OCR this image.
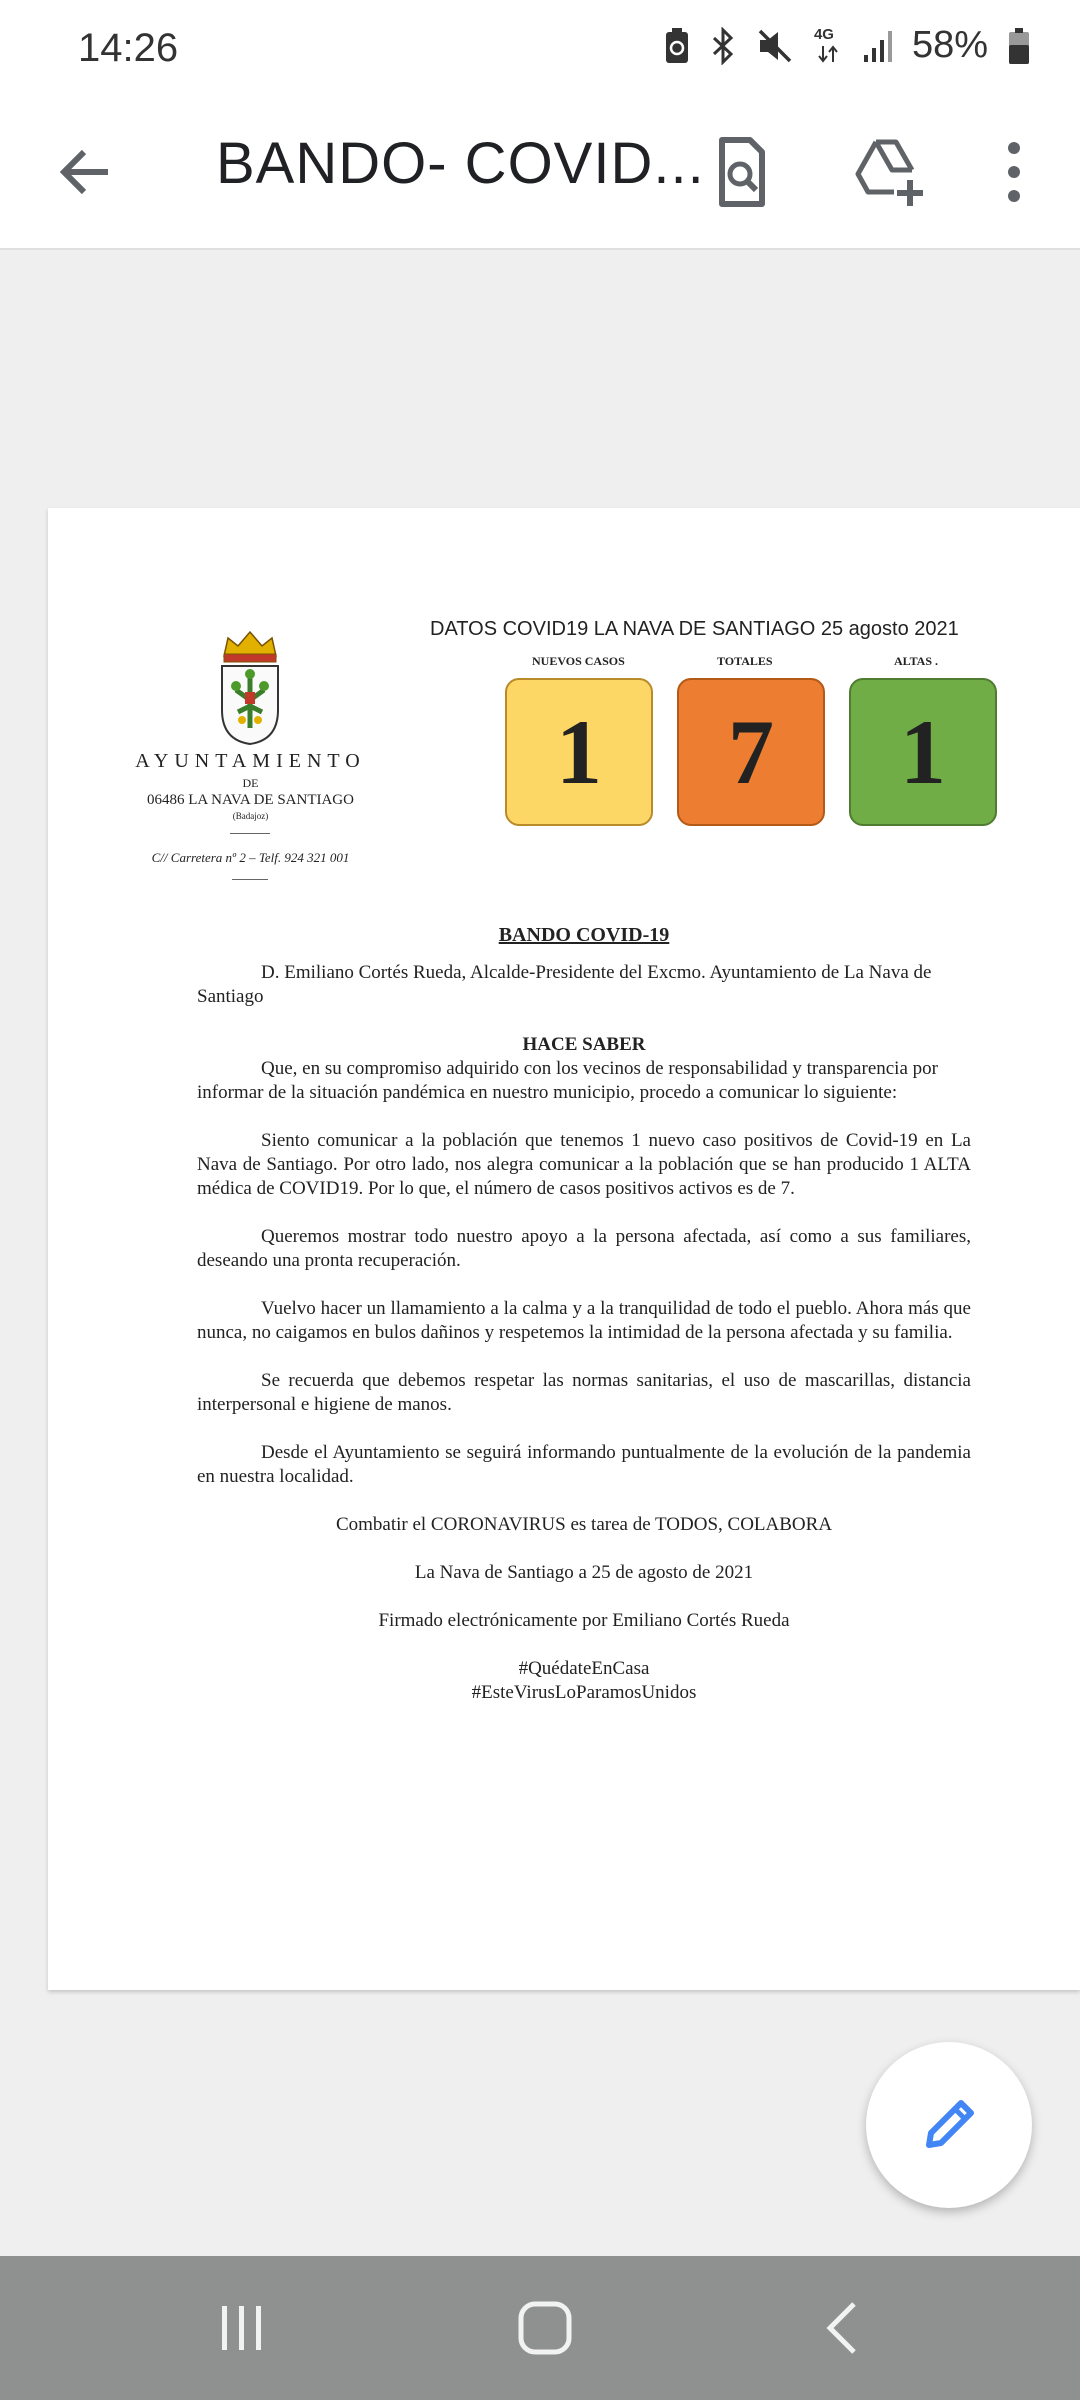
14:26	4G 58%
BANDO- COVID...
AYUNTAMIENTO
DE
06486 LA NAVA DE SANTIAGO
(Badajoz)
C// Carretera nº 2 – Telf. 924 321 001
DATOS COVID19 LA NAVA DE SANTIAGO 25 agosto 2021
NUEVOS CASOS	TOTALES	ALTAS .
1	7	1

BANDO COVID-19

D. Emiliano Cortés Rueda, Alcalde-Presidente del Excmo. Ayuntamiento de La Nava de Santiago

HACE SABER

Que, en su compromiso adquirido con los vecinos de responsabilidad y transparencia por informar de la situación pandémica en nuestro municipio, procedo a comunicar lo siguiente:

Siento comunicar a la población que tenemos 1 nuevo caso positivos de Covid-19 en La Nava de Santiago. Por otro lado, nos alegra comunicar a la población que se han producido 1 ALTA médica de COVID19. Por lo que, el número de casos positivos activos es de 7.

Queremos mostrar todo nuestro apoyo a la persona afectada, así como a sus familiares, deseando una pronta recuperación.

Vuelvo hacer un llamamiento a la calma y a la tranquilidad de todo el pueblo. Ahora más que nunca, no caigamos en bulos dañinos y respetemos la intimidad de la persona afectada y su familia.

Se recuerda que debemos respetar las normas sanitarias, el uso de mascarillas, distancia interpersonal e higiene de manos.

Desde el Ayuntamiento se seguirá informando puntualmente de la evolución de la pandemia en nuestra localidad.

Combatir el CORONAVIRUS es tarea de TODOS, COLABORA

La Nava de Santiago a 25 de agosto de 2021

Firmado electrónicamente por Emiliano Cortés Rueda

#QuédateEnCasa

#EsteVirusLoParamosUnidos
